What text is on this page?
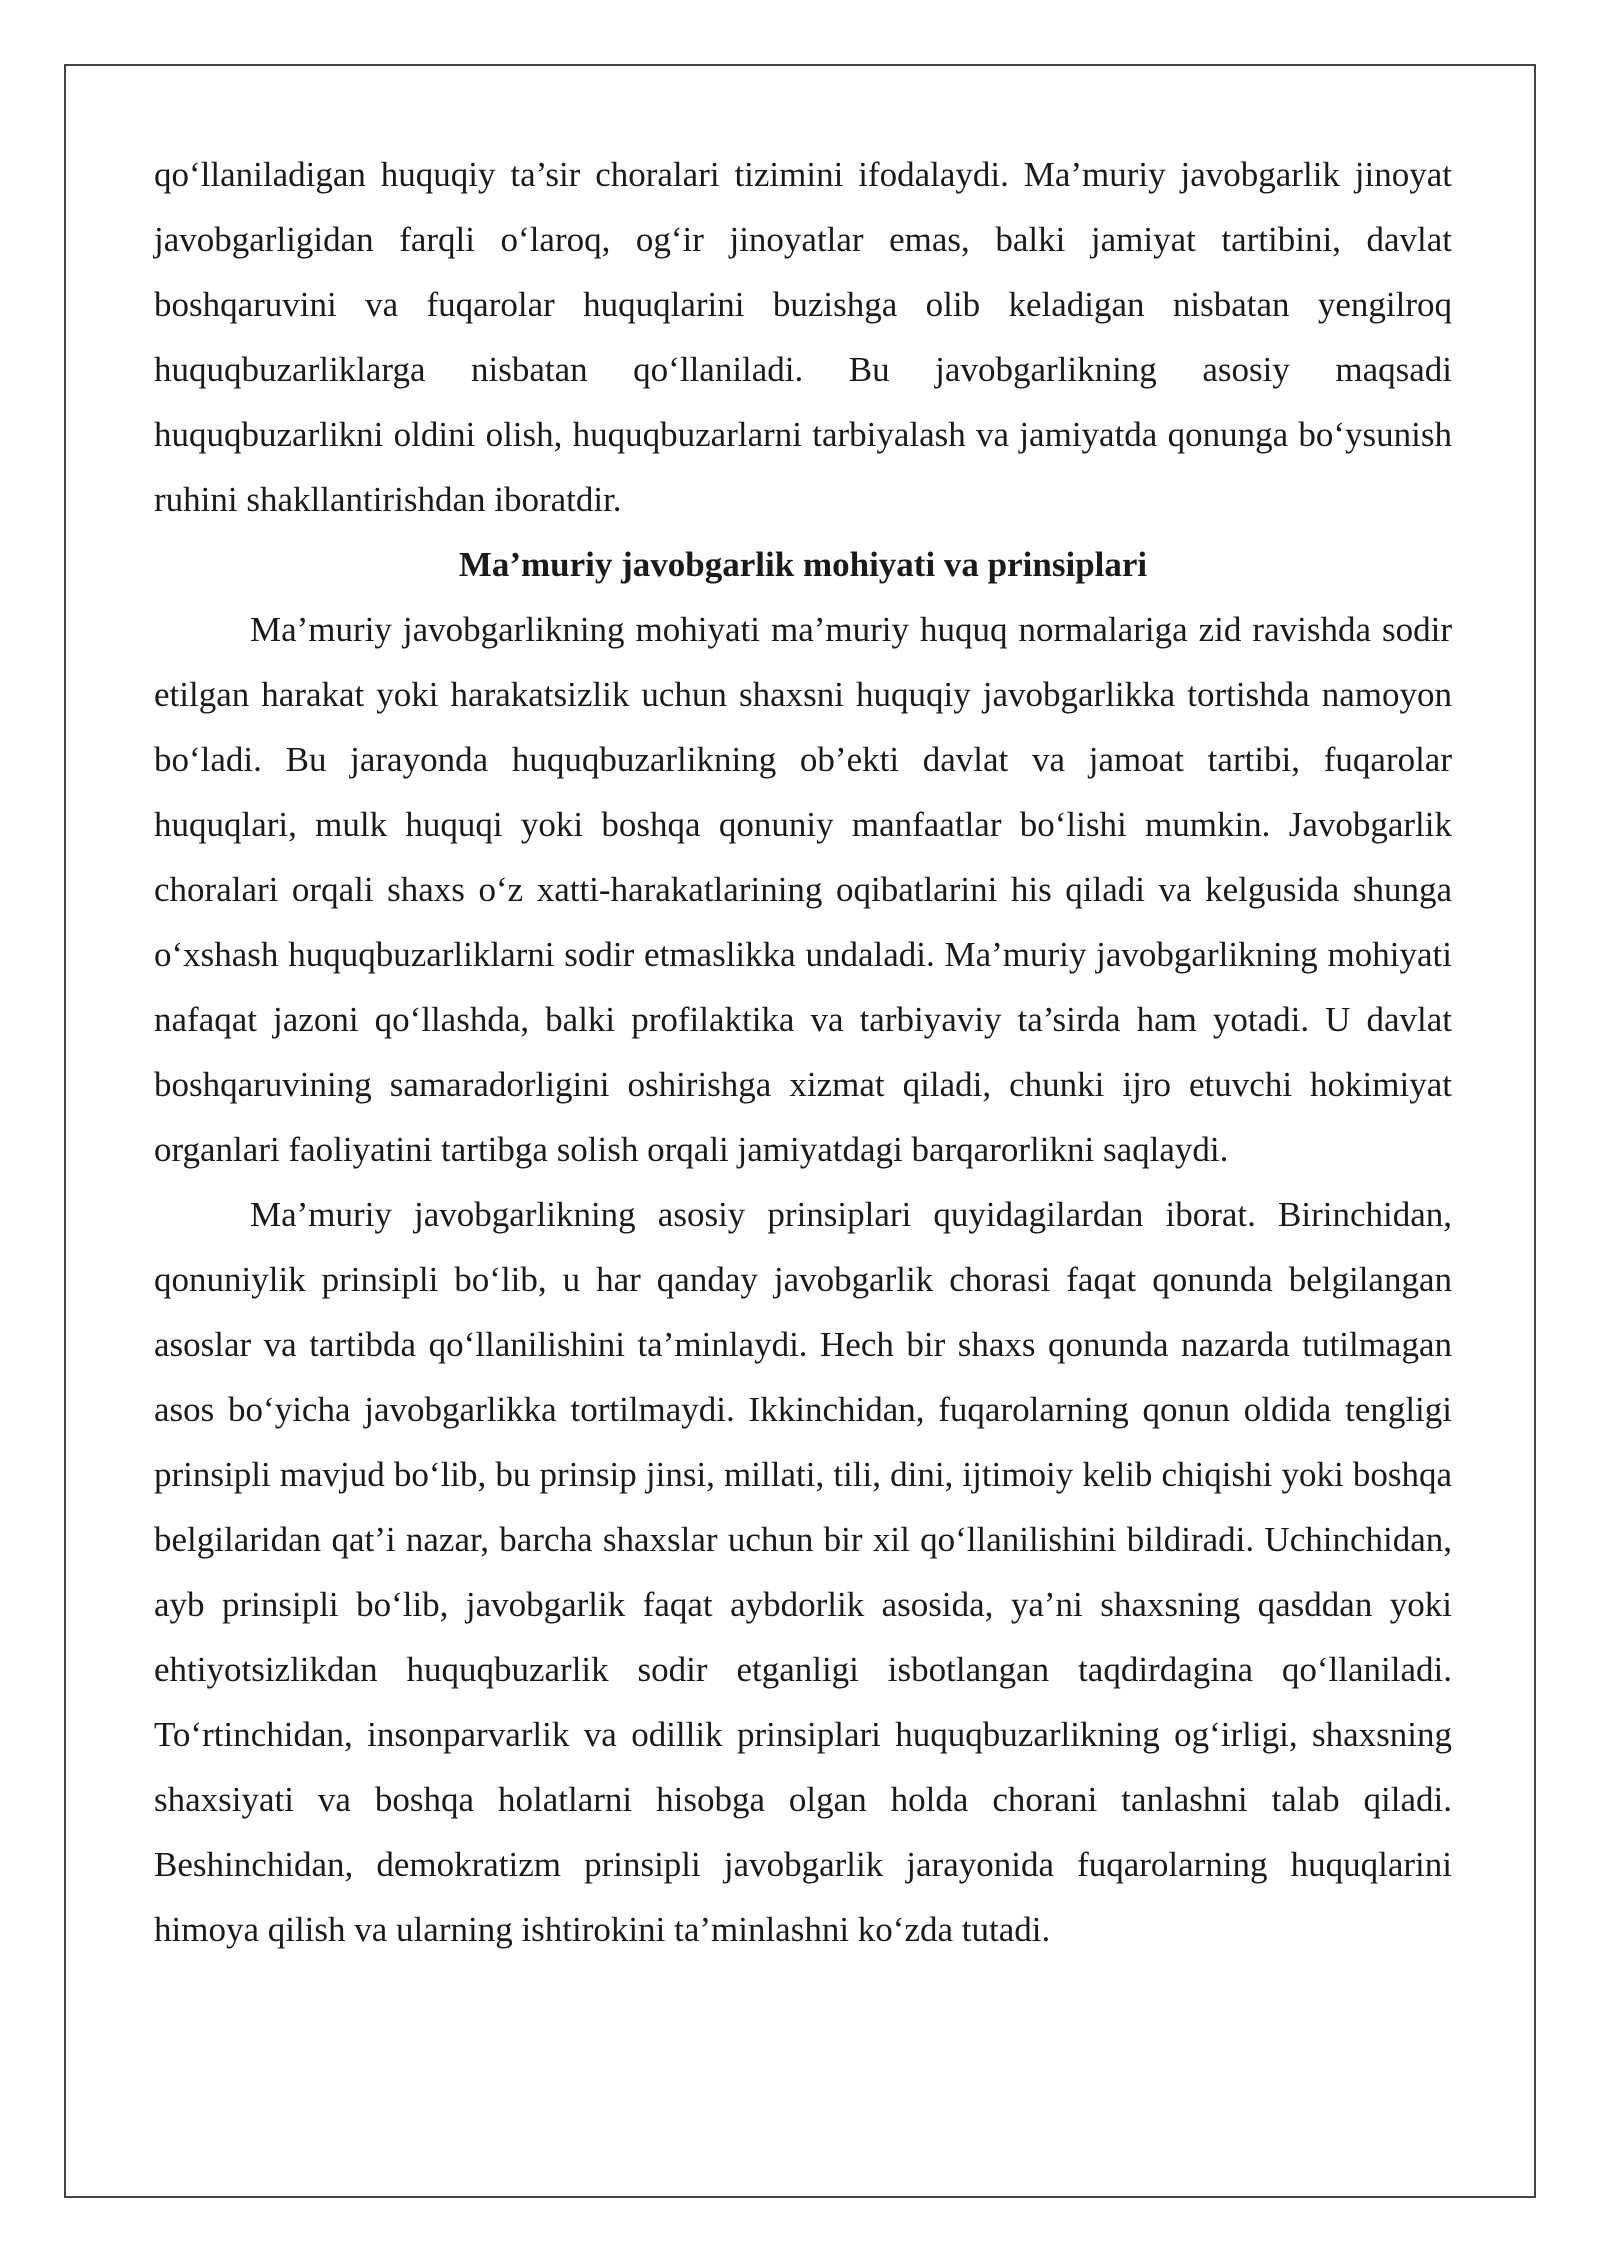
qo‘llaniladigan huquqiy ta’sir choralari tizimini ifodalaydi. Ma’muriy javobgarlik jinoyat javobgarligidan farqli o‘laroq, og‘ir jinoyatlar emas, balki jamiyat tartibini, davlat boshqaruvini va fuqarolar huquqlarini buzishga olib keladigan nisbatan yengilroq huquqbuzarliklarga nisbatan qo‘llaniladi. Bu javobgarlikning asosiy maqsadi huquqbuzarlikni oldini olish, huquqbuzarlarni tarbiyalash va jamiyatda qonunga bo‘ysunish ruhini shakllantirishdan iboratdir.

Ma’muriy javobgarlik mohiyati va prinsiplari

Ma’muriy javobgarlikning mohiyati ma’muriy huquq normalariga zid ravishda sodir etilgan harakat yoki harakatsizlik uchun shaxsni huquqiy javobgarlikka tortishda namoyon bo‘ladi. Bu jarayonda huquqbuzarlikning ob’ekti davlat va jamoat tartibi, fuqarolar huquqlari, mulk huquqi yoki boshqa qonuniy manfaatlar bo‘lishi mumkin. Javobgarlik choralari orqali shaxs o‘z xatti-harakatlarining oqibatlarini his qiladi va kelgusida shunga o‘xshash huquqbuzarliklarni sodir etmaslikka undaladi. Ma’muriy javobgarlikning mohiyati nafaqat jazoni qo‘llashda, balki profilaktika va tarbiyaviy ta’sirda ham yotadi. U davlat boshqaruvining samaradorligini oshirishga xizmat qiladi, chunki ijro etuvchi hokimiyat organlari faoliyatini tartibga solish orqali jamiyatdagi barqarorlikni saqlaydi.

Ma’muriy javobgarlikning asosiy prinsiplari quyidagilardan iborat. Birinchidan, qonuniylik prinsipli bo‘lib, u har qanday javobgarlik chorasi faqat qonunda belgilangan asoslar va tartibda qo‘llanilishini ta’minlaydi. Hech bir shaxs qonunda nazarda tutilmagan asos bo‘yicha javobgarlikka tortilmaydi. Ikkinchidan, fuqarolarning qonun oldida tengligi prinsipli mavjud bo‘lib, bu prinsip jinsi, millati, tili, dini, ijtimoiy kelib chiqishi yoki boshqa belgilaridan qat’i nazar, barcha shaxslar uchun bir xil qo‘llanilishini bildiradi. Uchinchidan, ayb prinsipli bo‘lib, javobgarlik faqat aybdorlik asosida, ya’ni shaxsning qasddan yoki ehtiyotsizlikdan huquqbuzarlik sodir etganligi isbotlangan taqdirdagina qo‘llaniladi. To‘rtinchidan, insonparvarlik va odillik prinsiplari huquqbuzarlikning og‘irligi, shaxsning shaxsiyati va boshqa holatlarni hisobga olgan holda chorani tanlashni talab qiladi. Beshinchidan, demokratizm prinsipli javobgarlik jarayonida fuqarolarning huquqlarini himoya qilish va ularning ishtirokini ta’minlashni ko‘zda tutadi.
